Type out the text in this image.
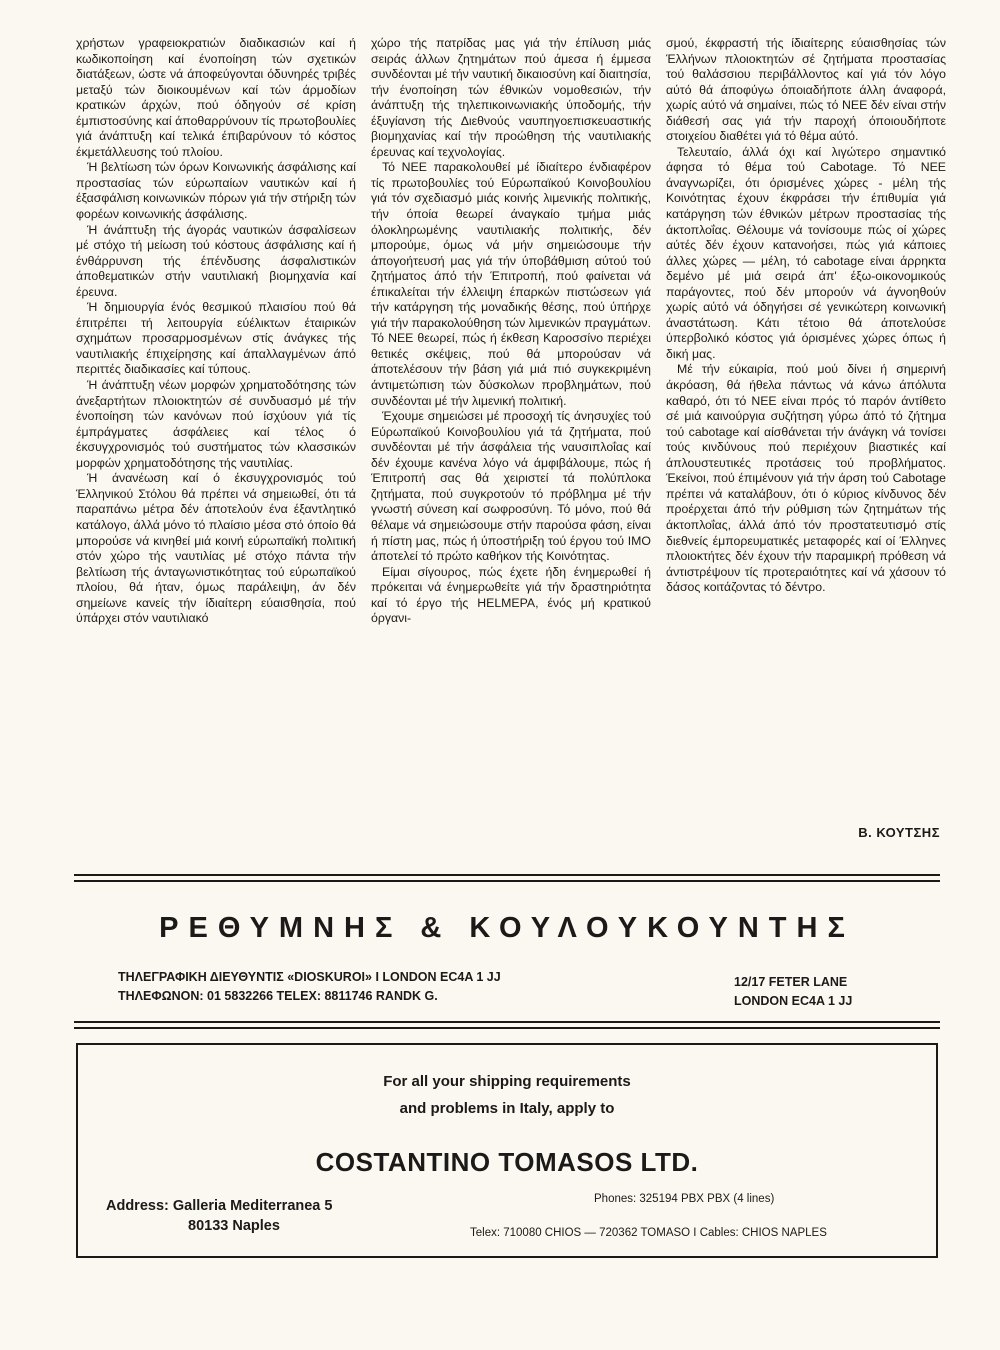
χρήστων γραφειοκρατιών διαδικασιών καί ή κωδικοποίηση καί ένοποίηση τών σχετικών διατάξεων, ώστε νά άποφεύγονται όδυνηρές τριβές μεταξύ τών διοικουμένων καί τών άρμοδίων κρατικών άρχών, πού όδηγούν σέ κρίση έμπιστοσύνης καί άποθαρρύνουν τίς πρωτοβουλίες γιά άνάπτυξη καί τελικά έπιβαρύνουν τό κόστος έκμετάλλευσης τού πλοίου.

Ή βελτίωση τών όρων Κοινωνικής άσφάλισης καί προστασίας τών εύρωπαίων ναυτικών καί ή έξασφάλιση κοινωνικών πόρων γιά τήν στήριξη τών φορέων κοινωνικής άσφάλισης.

Ή άνάπτυξη τής άγοράς ναυτικών άσφαλίσεων μέ στόχο τή μείωση τού κόστους άσφάλισης καί ή ένθάρρυνση τής έπένδυσης άσφαλιστικών άποθεματικών στήν ναυτιλιακή βιομηχανία καί έρευνα.

Ή δημιουργία ένός θεσμικού πλαισίου πού θά έπιτρέπει τή λειτουργία εύέλικτων έταιρικών σχημάτων προσαρμοσμένων στίς άνάγκες τής ναυτιλιακής έπιχείρησης καί άπαλλαγμένων άπό περιττές διαδικασίες καί τύπους.

Ή άνάπτυξη νέων μορφών χρηματοδότησης τών άνεξαρτήτων πλοιοκτητών σέ συνδυασμό μέ τήν ένοποίηση τών κανόνων πού ίσχύουν γιά τίς έμπράγματες άσφάλειες καί τέλος ό έκσυγχρονισμός τού συστήματος τών κλασσικών μορφών χρηματοδότησης τής ναυτιλίας.

Ή άνανέωση καί ό έκσυγχρονισμός τού Έλληνικού Στόλου θά πρέπει νά σημειωθεί, ότι τά παραπάνω μέτρα δέν άποτελούν ένα έξαντλητικό κατάλογο, άλλά μόνο τό πλαίσιο μέσα στό όποίο θά μπορούσε νά κινηθεί μιά κοινή εύρωπαϊκή πολιτική στόν χώρο τής ναυτιλίας μέ στόχο πάντα τήν βελτίωση τής άνταγωνιστικότητας τού εύρωπαϊκού πλοίου, θά ήταν, όμως παράλειψη, άν δέν σημείωνε κανείς τήν ίδιαίτερη εύαισθησία, πού ύπάρχει στόν ναυτιλιακό

χώρο τής πατρίδας μας γιά τήν έπίλυση μιάς σειράς άλλων ζητημάτων πού άμεσα ή έμμεσα συνδέονται μέ τήν ναυτική δικαιοσύνη καί διαιτησία, τήν ένοποίηση τών έθνικών νομοθεσιών, τήν άνάπτυξη τής τηλεπικοινωνιακής ύποδομής, τήν έξυγίανση τής Διεθνούς ναυπηγοεπισκευαστικής βιομηχανίας καί τήν προώθηση τής ναυτιλιακής έρευνας καί τεχνολογίας.

Τό ΝΕΕ παρακολουθεί μέ ίδιαίτερο ένδιαφέρον τίς πρωτοβουλίες τού Εύρωπαϊκού Κοινοβουλίου γιά τόν σχεδιασμό μιάς κοινής λιμενικής πολιτικής, τήν όποία θεωρεί άναγκαίο τμήμα μιάς όλοκληρωμένης ναυτιλιακής πολιτικής, δέν μπορούμε, όμως νά μήν σημειώσουμε τήν άπογοήτευσή μας γιά τήν ύποβάθμιση αύτού τού ζητήματος άπό τήν Έπιτροπή, πού φαίνεται νά έπικαλείται τήν έλλειψη έπαρκών πιστώσεων γιά τήν κατάργηση τής μοναδικής θέσης, πού ύπήρχε γιά τήν παρακολούθηση τών λιμενικών πραγμάτων. Τό ΝΕΕ θεωρεί, πώς ή έκθεση Καροσσίνο περιέχει θετικές σκέψεις, πού θά μπορούσαν νά άποτελέσουν τήν βάση γιά μιά πιό συγκεκριμένη άντιμετώπιση τών δύσκολων προβλημάτων, πού συνδέονται μέ τήν λιμενική πολιτική.

Έχουμε σημειώσει μέ προσοχή τίς άνησυχίες τού Εύρωπαϊκού Κοινοβουλίου γιά τά ζητήματα, πού συνδέονται μέ τήν άσφάλεια τής ναυσιπλοΐας καί δέν έχουμε κανένα λόγο νά άμφιβάλουμε, πώς ή Έπιτροπή σας θά χειριστεί τά πολύπλοκα ζητήματα, πού συγκροτούν τό πρόβλημα μέ τήν γνωστή σύνεση καί σωφροσύνη. Τό μόνο, πού θά θέλαμε νά σημειώσουμε στήν παρούσα φάση, είναι ή πίστη μας, πώς ή ύποστήριξη τού έργου τού IMO άποτελεί τό πρώτο καθήκον τής Κοινότητας.

Είμαι σίγουρος, πώς έχετε ήδη ένημερωθεί ή πρόκειται νά ένημερωθείτε γιά τήν δραστηριότητα καί τό έργο τής HELMEPA, ένός μή κρατικού όργανι-

σμού, έκφραστή τής ίδιαίτερης εύαισθησίας τών Έλλήνων πλοιοκτητών σέ ζητήματα προστασίας τού θαλάσσιου περιβάλλοντος καί γιά τόν λόγο αύτό θά άποφύγω όποιαδήποτε άλλη άναφορά, χωρίς αύτό νά σημαίνει, πώς τό ΝΕΕ δέν είναι στήν διάθεσή σας γιά τήν παροχή όποιουδήποτε στοιχείου διαθέτει γιά τό θέμα αύτό.

Τελευταίο, άλλά όχι καί λιγώτερο σημαντικό άφησα τό θέμα τού Cabotage. Τό ΝΕΕ άναγνωρίζει, ότι όρισμένες χώρες - μέλη τής Κοινότητας έχουν έκφράσει τήν έπιθυμία γιά κατάργηση τών έθνικών μέτρων προστασίας τής άκτοπλοΐας. Θέλουμε νά τονίσουμε πώς οί χώρες αύτές δέν έχουν κατανοήσει, πώς γιά κάποιες άλλες χώρες — μέλη, τό cabotage είναι άρρηκτα δεμένο μέ μιά σειρά άπ' έξω-οικονομικούς παράγοντες, πού δέν μπορούν νά άγνοηθούν χωρίς αύτό νά όδηγήσει σέ γενικώτερη κοινωνική άναστάτωση. Κάτι τέτοιο θά άποτελούσε ύπερβολικό κόστος γιά όρισμένες χώρες όπως ή δική μας.

Μέ τήν εύκαιρία, πού μού δίνει ή σημερινή άκρόαση, θά ήθελα πάντως νά κάνω άπόλυτα καθαρό, ότι τό ΝΕΕ είναι πρός τό παρόν άντίθετο σέ μιά καινούργια συζήτηση γύρω άπό τό ζήτημα τού cabotage καί αίσθάνεται τήν άνάγκη νά τονίσει τούς κινδύνους πού περιέχουν βιαστικές καί άπλουστευτικές προτάσεις τού προβλήματος. Έκείνοι, πού έπιμένουν γιά τήν άρση τού Cabotage πρέπει νά καταλάβουν, ότι ό κύριος κίνδυνος δέν προέρχεται άπό τήν ρύθμιση τών ζητημάτων τής άκτοπλοΐας, άλλά άπό τόν προστατευτισμό στίς διεθνείς έμπορευματικές μεταφορές καί οί Έλληνες πλοιοκτήτες δέν έχουν τήν παραμικρή πρόθεση νά άντιστρέψουν τίς προτεραιότητες καί νά χάσουν τό δάσος κοιτάζοντας τό δέντρο.

Β. ΚΟΥΤΣΗΣ
ΡΕΘΥΜΝΗΣ & ΚΟΥΛΟΥΚΟΥΝΤΗΣ
ΤΗΛΕΓΡΑΦΙΚΗ ΔΙΕΥΘΥΝΤΙΣ «DIOSKUROI» I LONDON EC4A 1 JJ
ΤΗΛΕΦΩΝΟΝ: 01 5832266 TELEX: 8811746 RANDK G.
12/17 FETER LANE
LONDON EC4A 1 JJ
For all your shipping requirements
and problems in Italy, apply to
COSTANTINO TOMASOS LTD.
Address: Galleria Mediterranea 5
80133 Naples
Phones: 325194 PBX PBX (4 lines)
Telex: 710080 CHIOS — 720362 TOMASO I Cables: CHIOS NAPLES
